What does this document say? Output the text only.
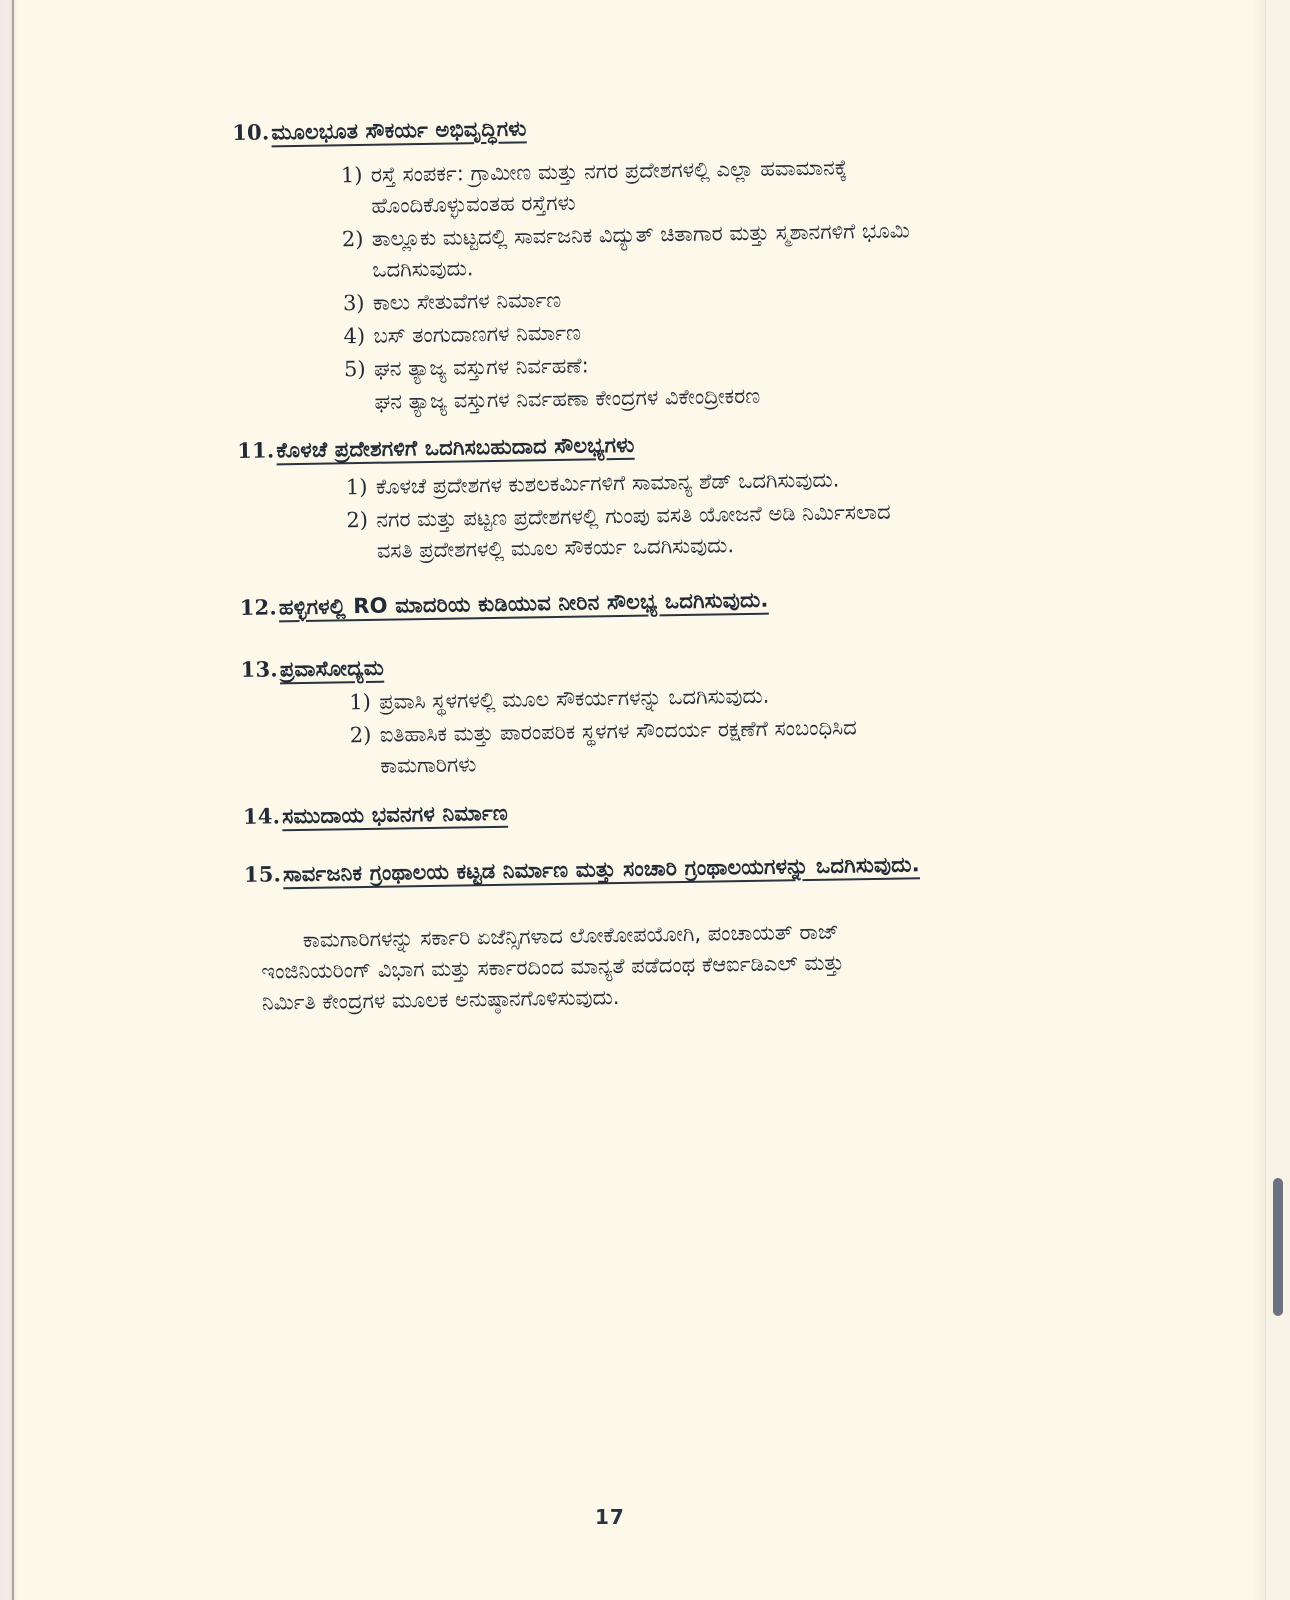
10.ಮೂಲಭೂತ ಸೌಕರ್ಯ ಅಭಿವೃದ್ಧಿಗಳು
1) ರಸ್ತೆ ಸಂಪರ್ಕ: ಗ್ರಾಮೀಣ ಮತ್ತು ನಗರ ಪ್ರದೇಶಗಳಲ್ಲಿ ಎಲ್ಲಾ ಹವಾಮಾನಕ್ಕೆ
ಹೊಂದಿಕೊಳ್ಳುವಂತಹ ರಸ್ತೆಗಳು
2) ತಾಲ್ಲೂಕು ಮಟ್ಟದಲ್ಲಿ ಸಾರ್ವಜನಿಕ ವಿದ್ಯುತ್ ಚಿತಾಗಾರ ಮತ್ತು ಸ್ಮಶಾನಗಳಿಗೆ ಭೂಮಿ
ಒದಗಿಸುವುದು.
3) ಕಾಲು ಸೇತುವೆಗಳ ನಿರ್ಮಾಣ
4) ಬಸ್ ತಂಗುದಾಣಗಳ ನಿರ್ಮಾಣ
5) ಘನ ತ್ಯಾಜ್ಯ ವಸ್ತುಗಳ ನಿರ್ವಹಣೆ:
ಘನ ತ್ಯಾಜ್ಯ ವಸ್ತುಗಳ ನಿರ್ವಹಣಾ ಕೇಂದ್ರಗಳ ವಿಕೇಂದ್ರೀಕರಣ
11.ಕೊಳಚೆ ಪ್ರದೇಶಗಳಿಗೆ ಒದಗಿಸಬಹುದಾದ ಸೌಲಭ್ಯಗಳು
1) ಕೊಳಚೆ ಪ್ರದೇಶಗಳ ಕುಶಲಕರ್ಮಿಗಳಿಗೆ ಸಾಮಾನ್ಯ ಶೆಡ್ ಒದಗಿಸುವುದು.
2) ನಗರ ಮತ್ತು ಪಟ್ಟಣ ಪ್ರದೇಶಗಳಲ್ಲಿ ಗುಂಪು ವಸತಿ ಯೋಜನೆ ಅಡಿ ನಿರ್ಮಿಸಲಾದ
ವಸತಿ ಪ್ರದೇಶಗಳಲ್ಲಿ ಮೂಲ ಸೌಕರ್ಯ ಒದಗಿಸುವುದು.
12.ಹಳ್ಳಿಗಳಲ್ಲಿ RO ಮಾದರಿಯ ಕುಡಿಯುವ ನೀರಿನ ಸೌಲಭ್ಯ ಒದಗಿಸುವುದು.
13.ಪ್ರವಾಸೋದ್ಯಮ
1) ಪ್ರವಾಸಿ ಸ್ಥಳಗಳಲ್ಲಿ ಮೂಲ ಸೌಕರ್ಯಗಳನ್ನು ಒದಗಿಸುವುದು.
2) ಐತಿಹಾಸಿಕ ಮತ್ತು ಪಾರಂಪರಿಕ ಸ್ಥಳಗಳ ಸೌಂದರ್ಯ ರಕ್ಷಣೆಗೆ ಸಂಬಂಧಿಸಿದ
ಕಾಮಗಾರಿಗಳು
14.ಸಮುದಾಯ ಭವನಗಳ ನಿರ್ಮಾಣ
15.ಸಾರ್ವಜನಿಕ ಗ್ರಂಥಾಲಯ ಕಟ್ಟಡ ನಿರ್ಮಾಣ ಮತ್ತು ಸಂಚಾರಿ ಗ್ರಂಥಾಲಯಗಳನ್ನು ಒದಗಿಸುವುದು.

ಕಾಮಗಾರಿಗಳನ್ನು ಸರ್ಕಾರಿ ಏಜೆನ್ಸಿಗಳಾದ ಲೋಕೋಪಯೋಗಿ, ಪಂಚಾಯತ್ ರಾಜ್
ಇಂಜಿನಿಯರಿಂಗ್ ವಿಭಾಗ ಮತ್ತು ಸರ್ಕಾರದಿಂದ ಮಾನ್ಯತೆ ಪಡೆದಂಥ ಕೆಆರ್ಐಡಿಎಲ್ ಮತ್ತು
ನಿರ್ಮಿತಿ ಕೇಂದ್ರಗಳ ಮೂಲಕ ಅನುಷ್ಠಾನಗೊಳಿಸುವುದು.

17
